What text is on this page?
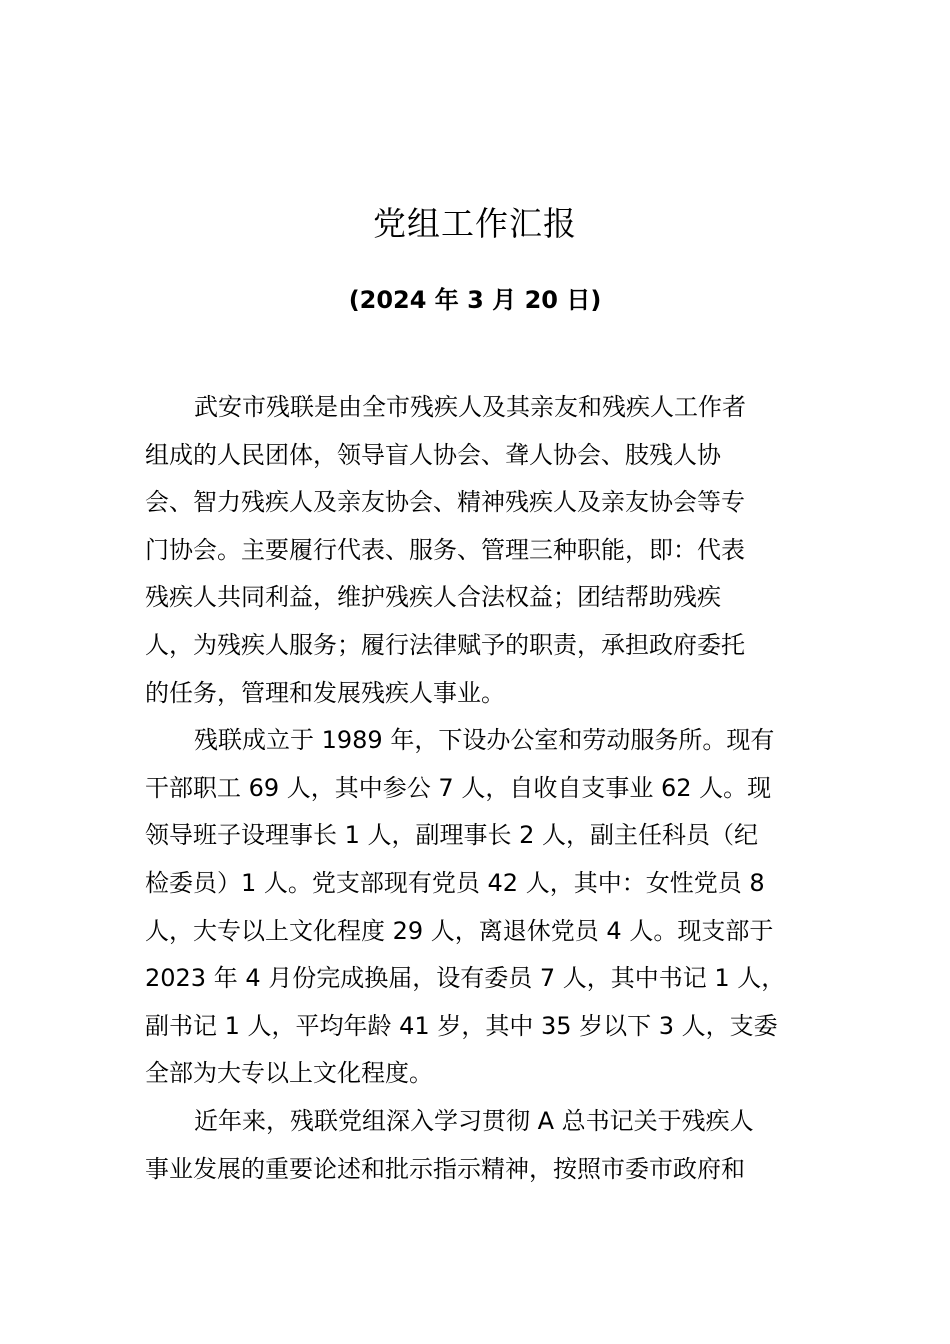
党组工作汇报
(2024 年 3 月 20 日)
武安市残联是由全市残疾人及其亲友和残疾人工作者
组成的人民团体，领导盲人协会、聋人协会、肢残人协
会、智力残疾人及亲友协会、精神残疾人及亲友协会等专
门协会。主要履行代表、服务、管理三种职能，即：代表
残疾人共同利益，维护残疾人合法权益；团结帮助残疾
人，为残疾人服务；履行法律赋予的职责，承担政府委托
的任务，管理和发展残疾人事业。
残联成立于 1989 年，下设办公室和劳动服务所。现有
干部职工 69 人，其中参公 7 人，自收自支事业 62 人。现
领导班子设理事长 1 人，副理事长 2 人，副主任科员（纪
检委员）1 人。党支部现有党员 42 人，其中：女性党员 8
人，大专以上文化程度 29 人，离退休党员 4 人。现支部于
2023 年 4 月份完成换届，设有委员 7 人，其中书记 1 人，
副书记 1 人，平均年龄 41 岁，其中 35 岁以下 3 人，支委
全部为大专以上文化程度。
近年来，残联党组深入学习贯彻 A 总书记关于残疾人
事业发展的重要论述和批示指示精神，按照市委市政府和
